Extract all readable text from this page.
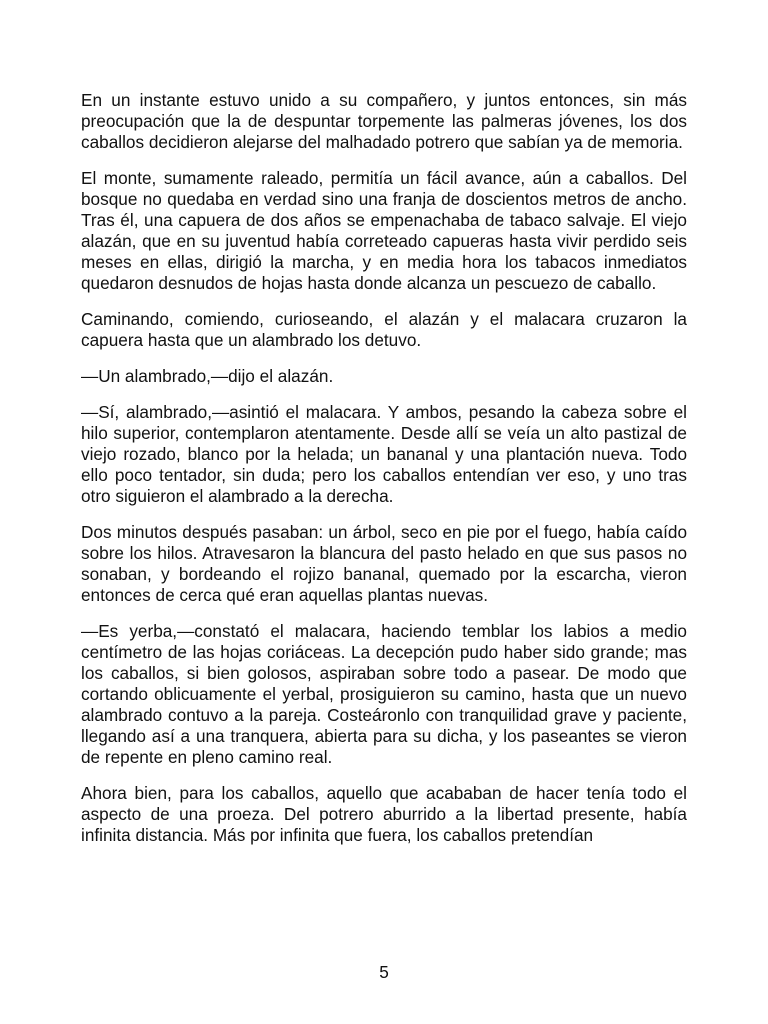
En un instante estuvo unido a su compañero, y juntos entonces, sin más preocupación que la de despuntar torpemente las palmeras jóvenes, los dos caballos decidieron alejarse del malhadado potrero que sabían ya de memoria.

El monte, sumamente raleado, permitía un fácil avance, aún a caballos. Del bosque no quedaba en verdad sino una franja de doscientos metros de ancho. Tras él, una capuera de dos años se empenachaba de tabaco salvaje. El viejo alazán, que en su juventud había correteado capueras hasta vivir perdido seis meses en ellas, dirigió la marcha, y en media hora los tabacos inmediatos quedaron desnudos de hojas hasta donde alcanza un pescuezo de caballo.

Caminando, comiendo, curioseando, el alazán y el malacara cruzaron la capuera hasta que un alambrado los detuvo.

—Un alambrado,—dijo el alazán.

—Sí, alambrado,—asintió el malacara. Y ambos, pesando la cabeza sobre el hilo superior, contemplaron atentamente. Desde allí se veía un alto pastizal de viejo rozado, blanco por la helada; un bananal y una plantación nueva. Todo ello poco tentador, sin duda; pero los caballos entendían ver eso, y uno tras otro siguieron el alambrado a la derecha.

Dos minutos después pasaban: un árbol, seco en pie por el fuego, había caído sobre los hilos. Atravesaron la blancura del pasto helado en que sus pasos no sonaban, y bordeando el rojizo bananal, quemado por la escarcha, vieron entonces de cerca qué eran aquellas plantas nuevas.

—Es yerba,—constató el malacara, haciendo temblar los labios a medio centímetro de las hojas coriáceas. La decepción pudo haber sido grande; mas los caballos, si bien golosos, aspiraban sobre todo a pasear. De modo que cortando oblicuamente el yerbal, prosiguieron su camino, hasta que un nuevo alambrado contuvo a la pareja. Costeáronlo con tranquilidad grave y paciente, llegando así a una tranquera, abierta para su dicha, y los paseantes se vieron de repente en pleno camino real.

Ahora bien, para los caballos, aquello que acababan de hacer tenía todo el aspecto de una proeza. Del potrero aburrido a la libertad presente, había infinita distancia. Más por infinita que fuera, los caballos pretendían

5
